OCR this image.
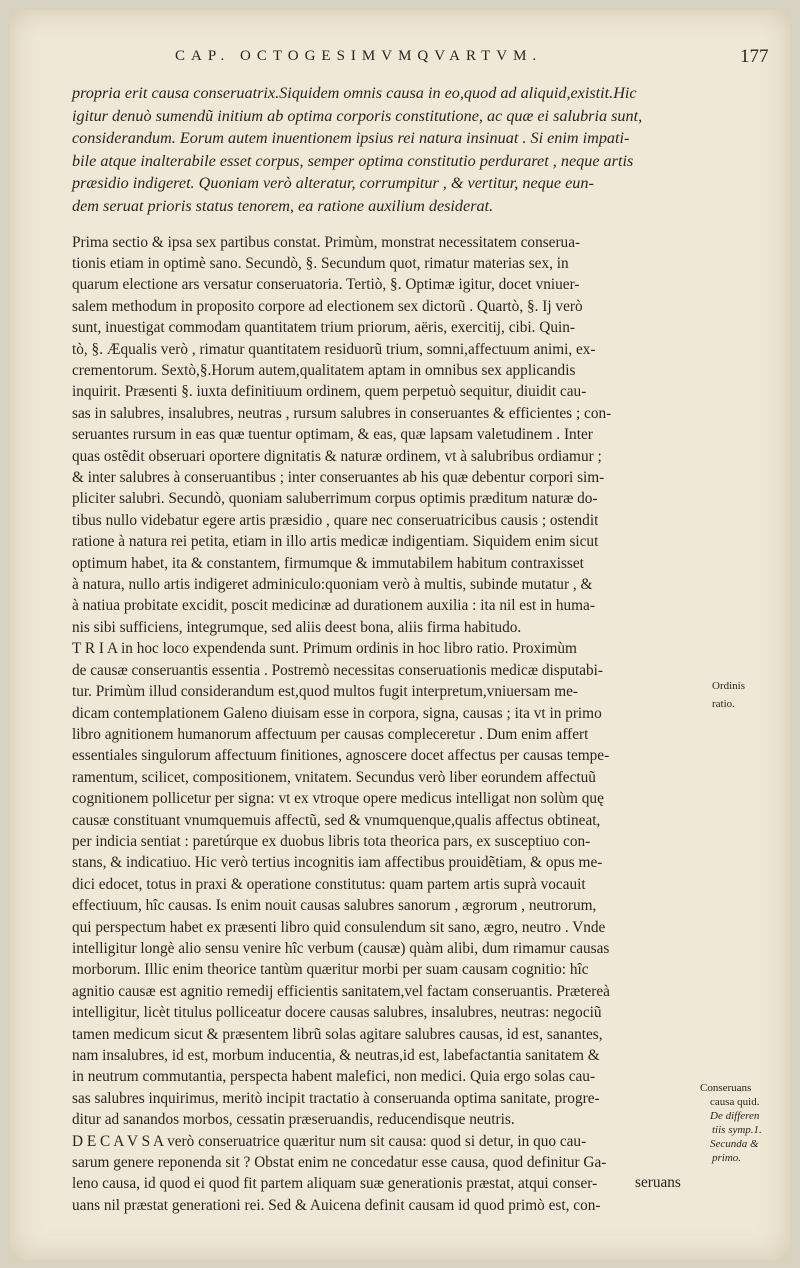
CAP. OCTOGESIMVMQVARTVM.	177
propria erit causa conseruatrix.Siquidem omnis causa in eo,quod ad aliquid,existit.Hic
igitur denuò sumendũ initium ab optima corporis constitutione, ac quæ ei salubria sunt,
considerandum. Eorum autem inuentionem ipsius rei natura insinuat . Si enim impati-
bile atque inalterabile esset corpus, semper optima constitutio perduraret , neque artis
præsidio indigeret. Quoniam verò alteratur, corrumpitur , & vertitur, neque eun-
dem seruat prioris status tenorem, ea ratione auxilium desiderat.
Prima sectio & ipsa sex partibus constat. Primùm, monstrat necessitatem conserua-
tionis etiam in optimè sano. Secundò, §. Secundum quot, rimatur materias sex, in
quarum electione ars versatur conseruatoria. Tertiò, §. Optimæ igitur, docet vniuer-
salem methodum in proposito corpore ad electionem sex dictorũ . Quartò, §. Ij verò
sunt, inuestigat commodam quantitatem trium priorum, aëris, exercitij, cibi. Quin-
tò, §. Æqualis verò , rimatur quantitatem residuorũ trium, somni,affectuum animi, ex-
crementorum. Sextò,§.Horum autem,qualitatem aptam in omnibus sex applicandis
inquirit. Præsenti §. iuxta definitiuum ordinem, quem perpetuò sequitur, diuidit cau-
sas in salubres, insalubres, neutras , rursum salubres in conseruantes & efficientes ; con-
seruantes rursum in eas quæ tuentur optimam, & eas, quæ lapsam valetudinem . Inter
quas ostẽdit obseruari oportere dignitatis & naturæ ordinem, vt à salubribus ordiamur ;
& inter salubres à conseruantibus ; inter conseruantes ab his quæ debentur corpori sim-
pliciter salubri. Secundò, quoniam saluberrimum corpus optimis præditum naturæ do-
tibus nullo videbatur egere artis præsidio , quare nec conseruatricibus causis ; ostendit
ratione à natura rei petita, etiam in illo artis medicæ indigentiam. Siquidem enim sicut
optimum habet, ita & constantem, firmumque & immutabilem habitum contraxisset
à natura, nullo artis indigeret adminiculo:quoniam verò à multis, subinde mutatur , &
à natiua probitate excidit, poscit medicinæ ad durationem auxilia : ita nil est in huma-
nis sibi sufficiens, integrumque, sed aliis deest bona, aliis firma habitudo.
T R I A in hoc loco expendenda sunt. Primum ordinis in hoc libro ratio. Proximùm
de causæ conseruantis essentia . Postremò necessitas conseruationis medicæ disputabi-
tur. Primùm illud considerandum est,quod multos fugit interpretum,vniuersam me-
dicam contemplationem Galeno diuisam esse in corpora, signa, causas ; ita vt in primo
libro agnitionem humanorum affectuum per causas compleceretur . Dum enim affert
essentiales singulorum affectuum finitiones, agnoscere docet affectus per causas tempe-
ramentum, scilicet, compositionem, vnitatem. Secundus verò liber eorundem affectuũ
cognitionem pollicetur per signa: vt ex vtroque opere medicus intelligat non solùm quę
causæ constituant vnumquemuis affectũ, sed & vnumquenque,qualis affectus obtineat,
per indicia sentiat : paretúrque ex duobus libris tota theorica pars, ex susceptiuo con-
stans, & indicatiuo. Hic verò tertius incognitis iam affectibus prouidẽtiam, & opus me-
dici edocet, totus in praxi & operatione constitutus: quam partem artis suprà vocauit
effectiuum, hîc causas. Is enim nouit causas salubres sanorum , ægrorum , neutrorum,
qui perspectum habet ex præsenti libro quid consulendum sit sano, ægro, neutro . Vnde
intelligitur longè alio sensu venire hîc verbum (causæ) quàm alibi, dum rimamur causas
morborum. Illic enim theorice tantùm quæritur morbi per suam causam cognitio: hîc
agnitio causæ est agnitio remedij efficientis sanitatem,vel factam conseruantis. Prætereà
intelligitur, licèt titulus polliceatur docere causas salubres, insalubres, neutras: negociũ
tamen medicum sicut & præsentem librũ solas agitare salubres causas, id est, sanantes,
nam insalubres, id est, morbum inducentia, & neutras,id est, labefactantia sanitatem &
in neutrum commutantia, perspecta habent malefici, non medici. Quia ergo solas cau-
sas salubres inquirimus, meritò incipit tractatio à conseruanda optima sanitate, progre-
ditur ad sanandos morbos, cessatin præseruandis, reducendisque neutris.
D E C A V S A verò conseruatrice quæritur num sit causa: quod si detur, in quo cau-
sarum genere reponenda sit ? Obstat enim ne concedatur esse causa, quod definitur Ga-
leno causa, id quod ei quod fit partem aliquam suæ generationis præstat, atqui conser-
uans nil præstat generationi rei. Sed & Auicena definit causam id quod primò est, con-
Ordinis
ratio.
Conseruans
causa quid.
De differen
tiis symp.1.
Secunda &
primo.
seruans
